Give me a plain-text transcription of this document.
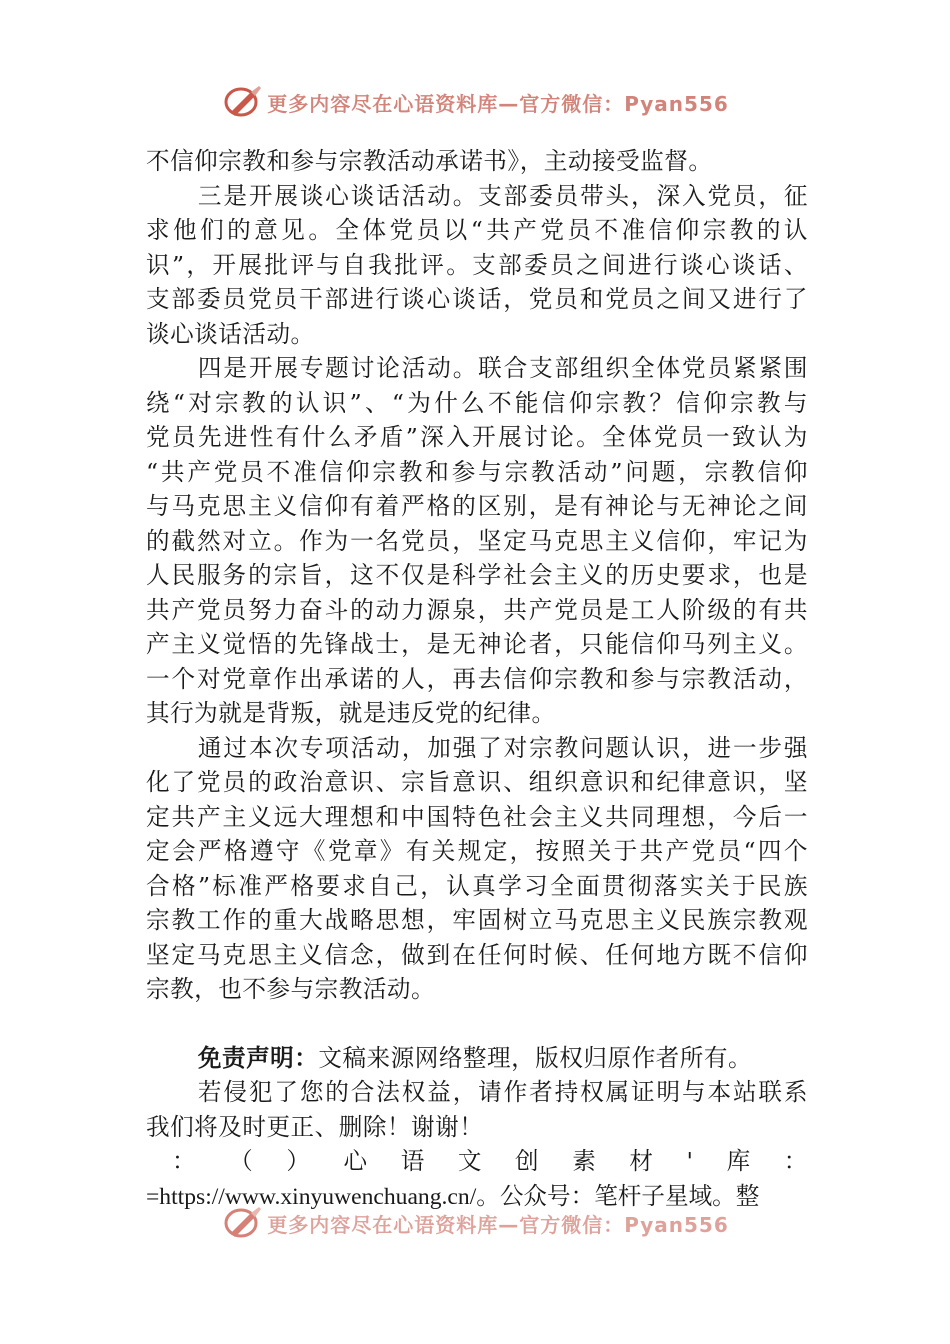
更多内容尽在心语资料库—官方微信：Pyan556

不信仰宗教和参与宗教活动承诺书》，主动接受监督。

三是开展谈心谈话活动。支部委员带头，深入党员，征

求他们的意见。全体党员以“共产党员不准信仰宗教的认

识”，开展批评与自我批评。支部委员之间进行谈心谈话、

支部委员党员干部进行谈心谈话，党员和党员之间又进行了

谈心谈话活动。

四是开展专题讨论活动。联合支部组织全体党员紧紧围

绕“对宗教的认识”、“为什么不能信仰宗教？信仰宗教与

党员先进性有什么矛盾”深入开展讨论。全体党员一致认为

“共产党员不准信仰宗教和参与宗教活动”问题，宗教信仰

与马克思主义信仰有着严格的区别，是有神论与无神论之间

的截然对立。作为一名党员，坚定马克思主义信仰，牢记为

人民服务的宗旨，这不仅是科学社会主义的历史要求，也是

共产党员努力奋斗的动力源泉，共产党员是工人阶级的有共

产主义觉悟的先锋战士，是无神论者，只能信仰马列主义。

一个对党章作出承诺的人，再去信仰宗教和参与宗教活动，

其行为就是背叛，就是违反党的纪律。

通过本次专项活动，加强了对宗教问题认识，进一步强

化了党员的政治意识、宗旨意识、组织意识和纪律意识，坚

定共产主义远大理想和中国特色社会主义共同理想，今后一

定会严格遵守《党章》有关规定，按照关于共产党员“四个

合格”标准严格要求自己，认真学习全面贯彻落实关于民族

宗教工作的重大战略思想，牢固树立马克思主义民族宗教观

坚定马克思主义信念，做到在任何时候、任何地方既不信仰

宗教，也不参与宗教活动。

免责声明：文稿来源网络整理，版权归原作者所有。

若侵犯了您的合法权益，请作者持权属证明与本站联系

我们将及时更正、删除！谢谢！

： （ ） 心 语 文 创 素 材 ' 库 ：

=https://www.xinyuwenchuang.cn/。公众号：笔杆子星域。整

更多内容尽在心语资料库—官方微信：Pyan556
